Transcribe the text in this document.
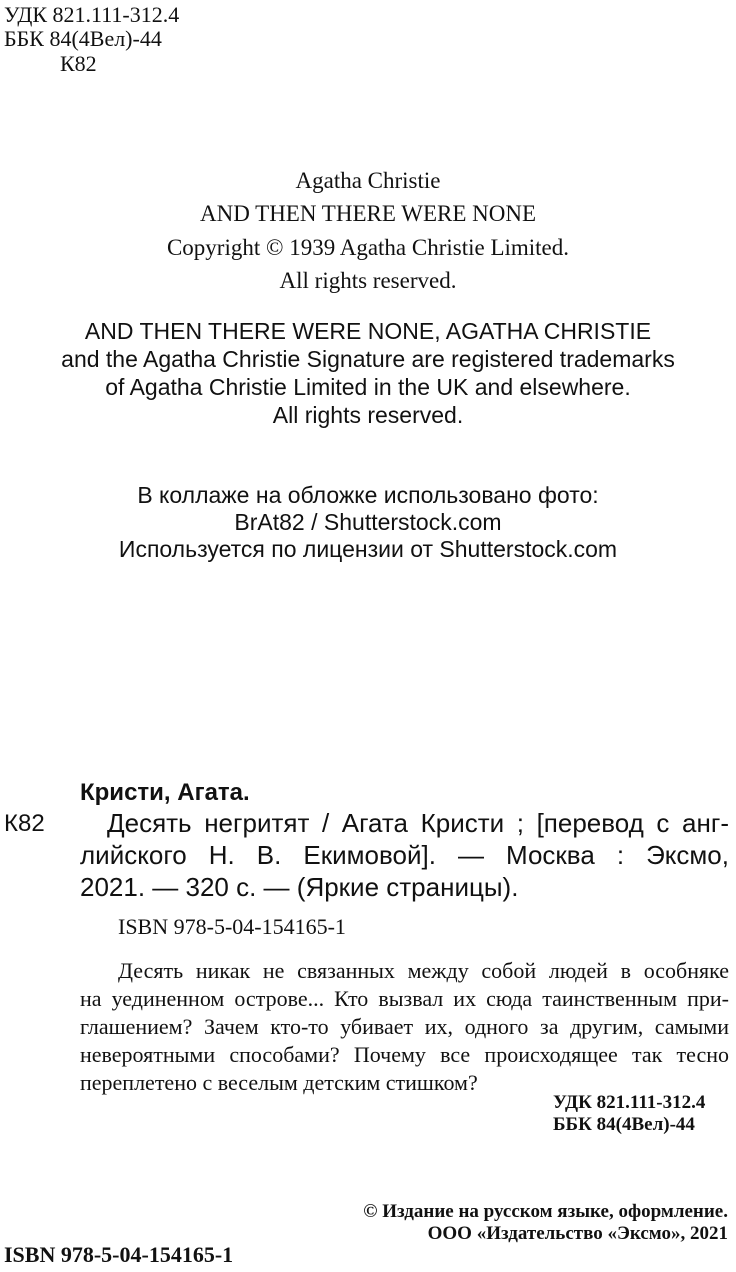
УДК 821.111-312.4
ББК 84(4Вел)-44
К82
Agatha Christie
AND THEN THERE WERE NONE
Copyright © 1939 Agatha Christie Limited.
All rights reserved.
AND THEN THERE WERE NONE, AGATHA CHRISTIE
and the Agatha Christie Signature are registered trademarks
of Agatha Christie Limited in the UK and elsewhere.
All rights reserved.
В коллаже на обложке использовано фото:
BrAt82 / Shutterstock.com
Используется по лицензии от Shutterstock.com
Кристи, Агата.
К82 Десять негритят / Агата Кристи ; [перевод с анг-
лийского Н. В. Екимовой]. — Москва : Эксмо,
2021. — 320 с. — (Яркие страницы).
ISBN 978-5-04-154165-1
Десять никак не связанных между собой людей в особняке
на уединенном острове... Кто вызвал их сюда таинственным при-
глашением? Зачем кто-то убивает их, одного за другим, самыми
невероятными способами? Почему все происходящее так тесно
переплетено с веселым детским стишком?
УДК 821.111-312.4
ББК 84(4Вел)-44
© Издание на русском языке, оформление.
ООО «Издательство «Эксмо», 2021
ISBN 978-5-04-154165-1
